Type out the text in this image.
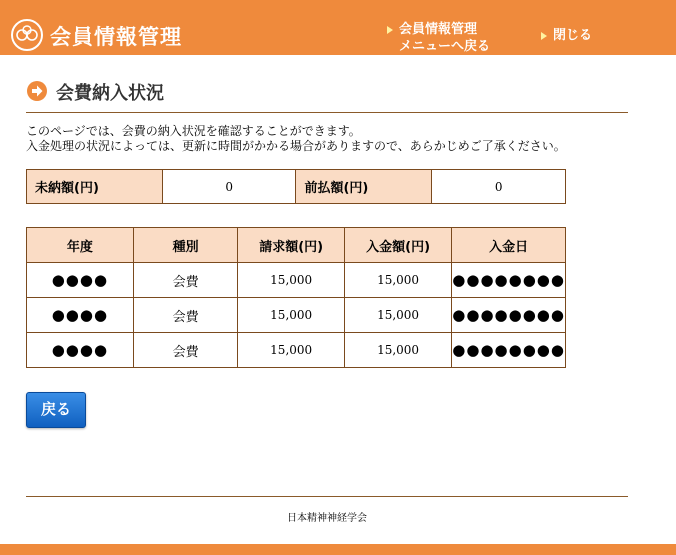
会員情報管理	会員情報管理
メニューへ戻る
閉じる
会費納入状況
このページでは、会費の納入状況を確認することができます。
入金処理の状況によっては、更新に時間がかかる場合がありますので、あらかじめご了承ください。
未納額(円)	0	前払額(円)	0
年度	種別	請求額(円)	入金額(円)	入金日
●●●●	会費	15,000	15,000	●●●●●●●●
●●●●	会費	15,000	15,000	●●●●●●●●
●●●●	会費	15,000	15,000	●●●●●●●●
戻る
日本精神神経学会
